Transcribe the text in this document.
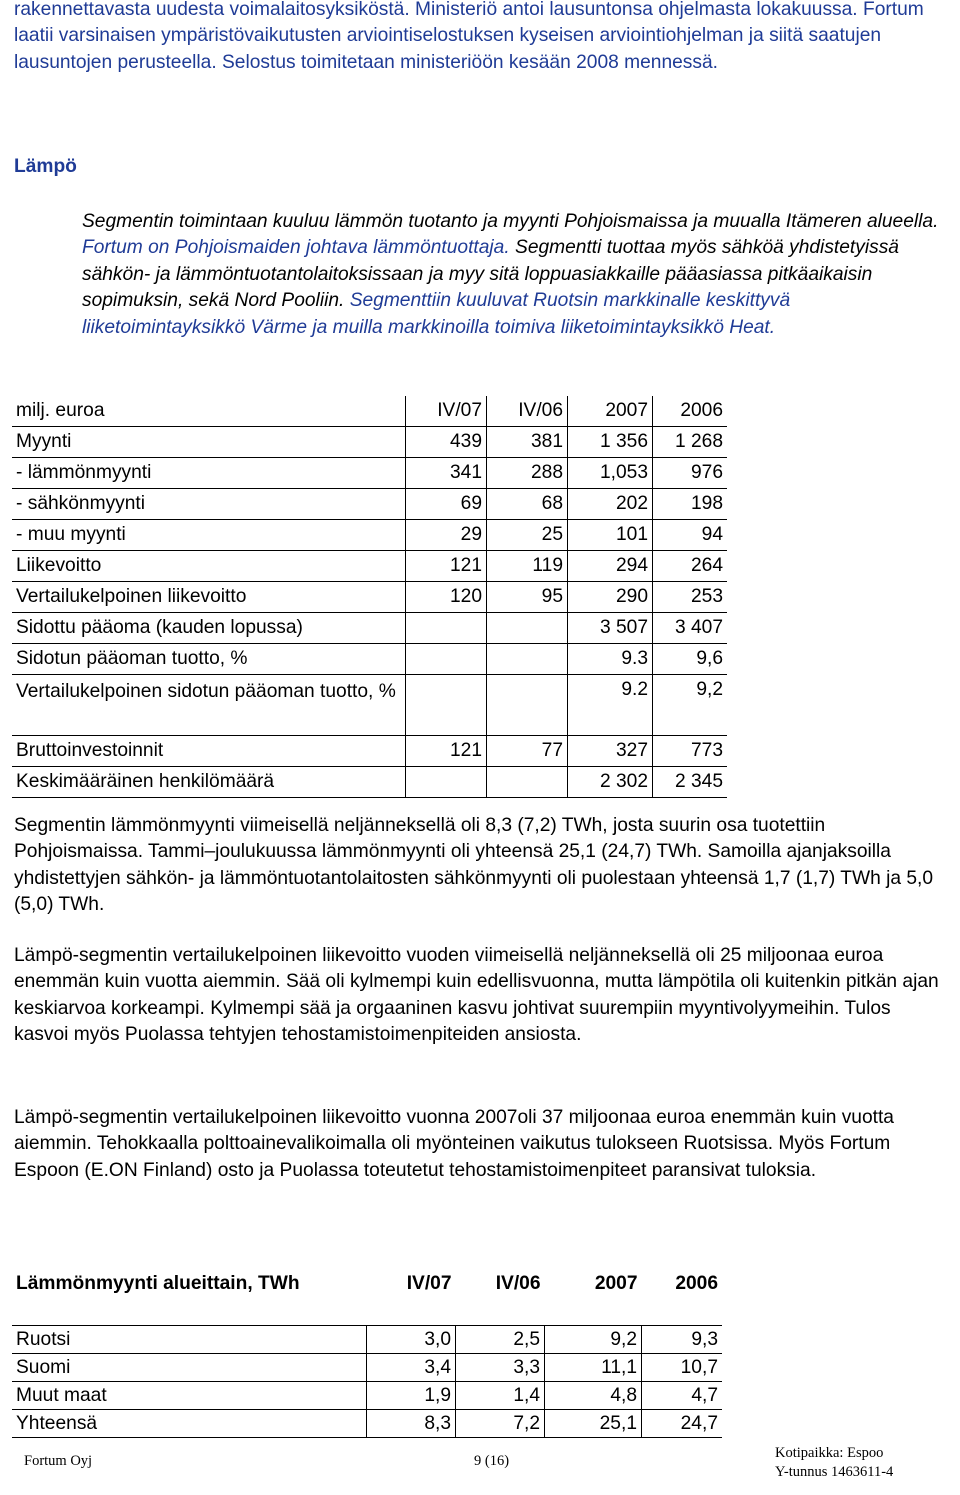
rakennettavasta uudesta voimalaitosyksiköstä. Ministeriö antoi lausuntonsa ohjelmasta lokakuussa. Fortum laatii varsinaisen ympäristövaikutusten arviointiselostuksen kyseisen arviointiohjelman ja siitä saatujen lausuntojen perusteella. Selostus toimitetaan ministeriöön kesään 2008 mennessä.

Lämpö

Segmentin toimintaan kuuluu lämmön tuotanto ja myynti Pohjoismaissa ja muualla Itämeren alueella. Fortum on Pohjoismaiden johtava lämmöntuottaja. Segmentti tuottaa myös sähköä yhdistetyissä sähkön- ja lämmöntuotantolaitoksissaan ja myy sitä loppuasiakkaille pääasiassa pitkäaikaisin sopimuksin, sekä Nord Pooliin. Segmenttiin kuuluvat Ruotsin markkinalle keskittyvä liiketoimintayksikkö Värme ja muilla markkinoilla toimiva liiketoimintayksikkö Heat.

milj. euroa	IV/07	IV/06	2007	2006
Myynti	439	381	1 356	1 268
- lämmönmyynti	341	288	1,053	976
- sähkönmyynti	69	68	202	198
- muu myynti	29	25	101	94
Liikevoitto	121	119	294	264
Vertailukelpoinen liikevoitto	120	95	290	253
Sidottu pääoma (kauden lopussa)			3 507	3 407
Sidotun pääoman tuotto, %			9.3	9,6
Vertailukelpoinen sidotun pääoman tuotto, %			9.2	9,2
Bruttoinvestoinnit	121	77	327	773
Keskimääräinen henkilömäärä			2 302	2 345

Segmentin lämmönmyynti viimeisellä neljänneksellä oli 8,3 (7,2) TWh, josta suurin osa tuotettiin Pohjoismaissa. Tammi–joulukuussa lämmönmyynti oli yhteensä 25,1 (24,7) TWh. Samoilla ajanjaksoilla yhdistettyjen sähkön- ja lämmöntuotantolaitosten sähkönmyynti oli puolestaan yhteensä 1,7 (1,7) TWh ja 5,0 (5,0) TWh.

Lämpö-segmentin vertailukelpoinen liikevoitto vuoden viimeisellä neljänneksellä oli 25 miljoonaa euroa enemmän kuin vuotta aiemmin. Sää oli kylmempi kuin edellisvuonna, mutta lämpötila oli kuitenkin pitkän ajan keskiarvoa korkeampi. Kylmempi sää ja orgaaninen kasvu johtivat suurempiin myyntivolyymeihin. Tulos kasvoi myös Puolassa tehtyjen tehostamistoimenpiteiden ansiosta.

Lämpö-segmentin vertailukelpoinen liikevoitto vuonna 2007oli 37 miljoonaa euroa enemmän kuin vuotta aiemmin. Tehokkaalla polttoainevalikoimalla oli myönteinen vaikutus tulokseen Ruotsissa. Myös Fortum Espoon (E.ON Finland) osto ja Puolassa toteutetut tehostamistoimenpiteet paransivat tuloksia.

Lämmönmyynti alueittain, TWh	IV/07	IV/06	2007	2006
Ruotsi	3,0	2,5	9,2	9,3
Suomi	3,4	3,3	11,1	10,7
Muut maat	1,9	1,4	4,8	4,7
Yhteensä	8,3	7,2	25,1	24,7
Fortum Oyj	9 (16)	Kotipaikka: Espoo
Y-tunnus 1463611-4
